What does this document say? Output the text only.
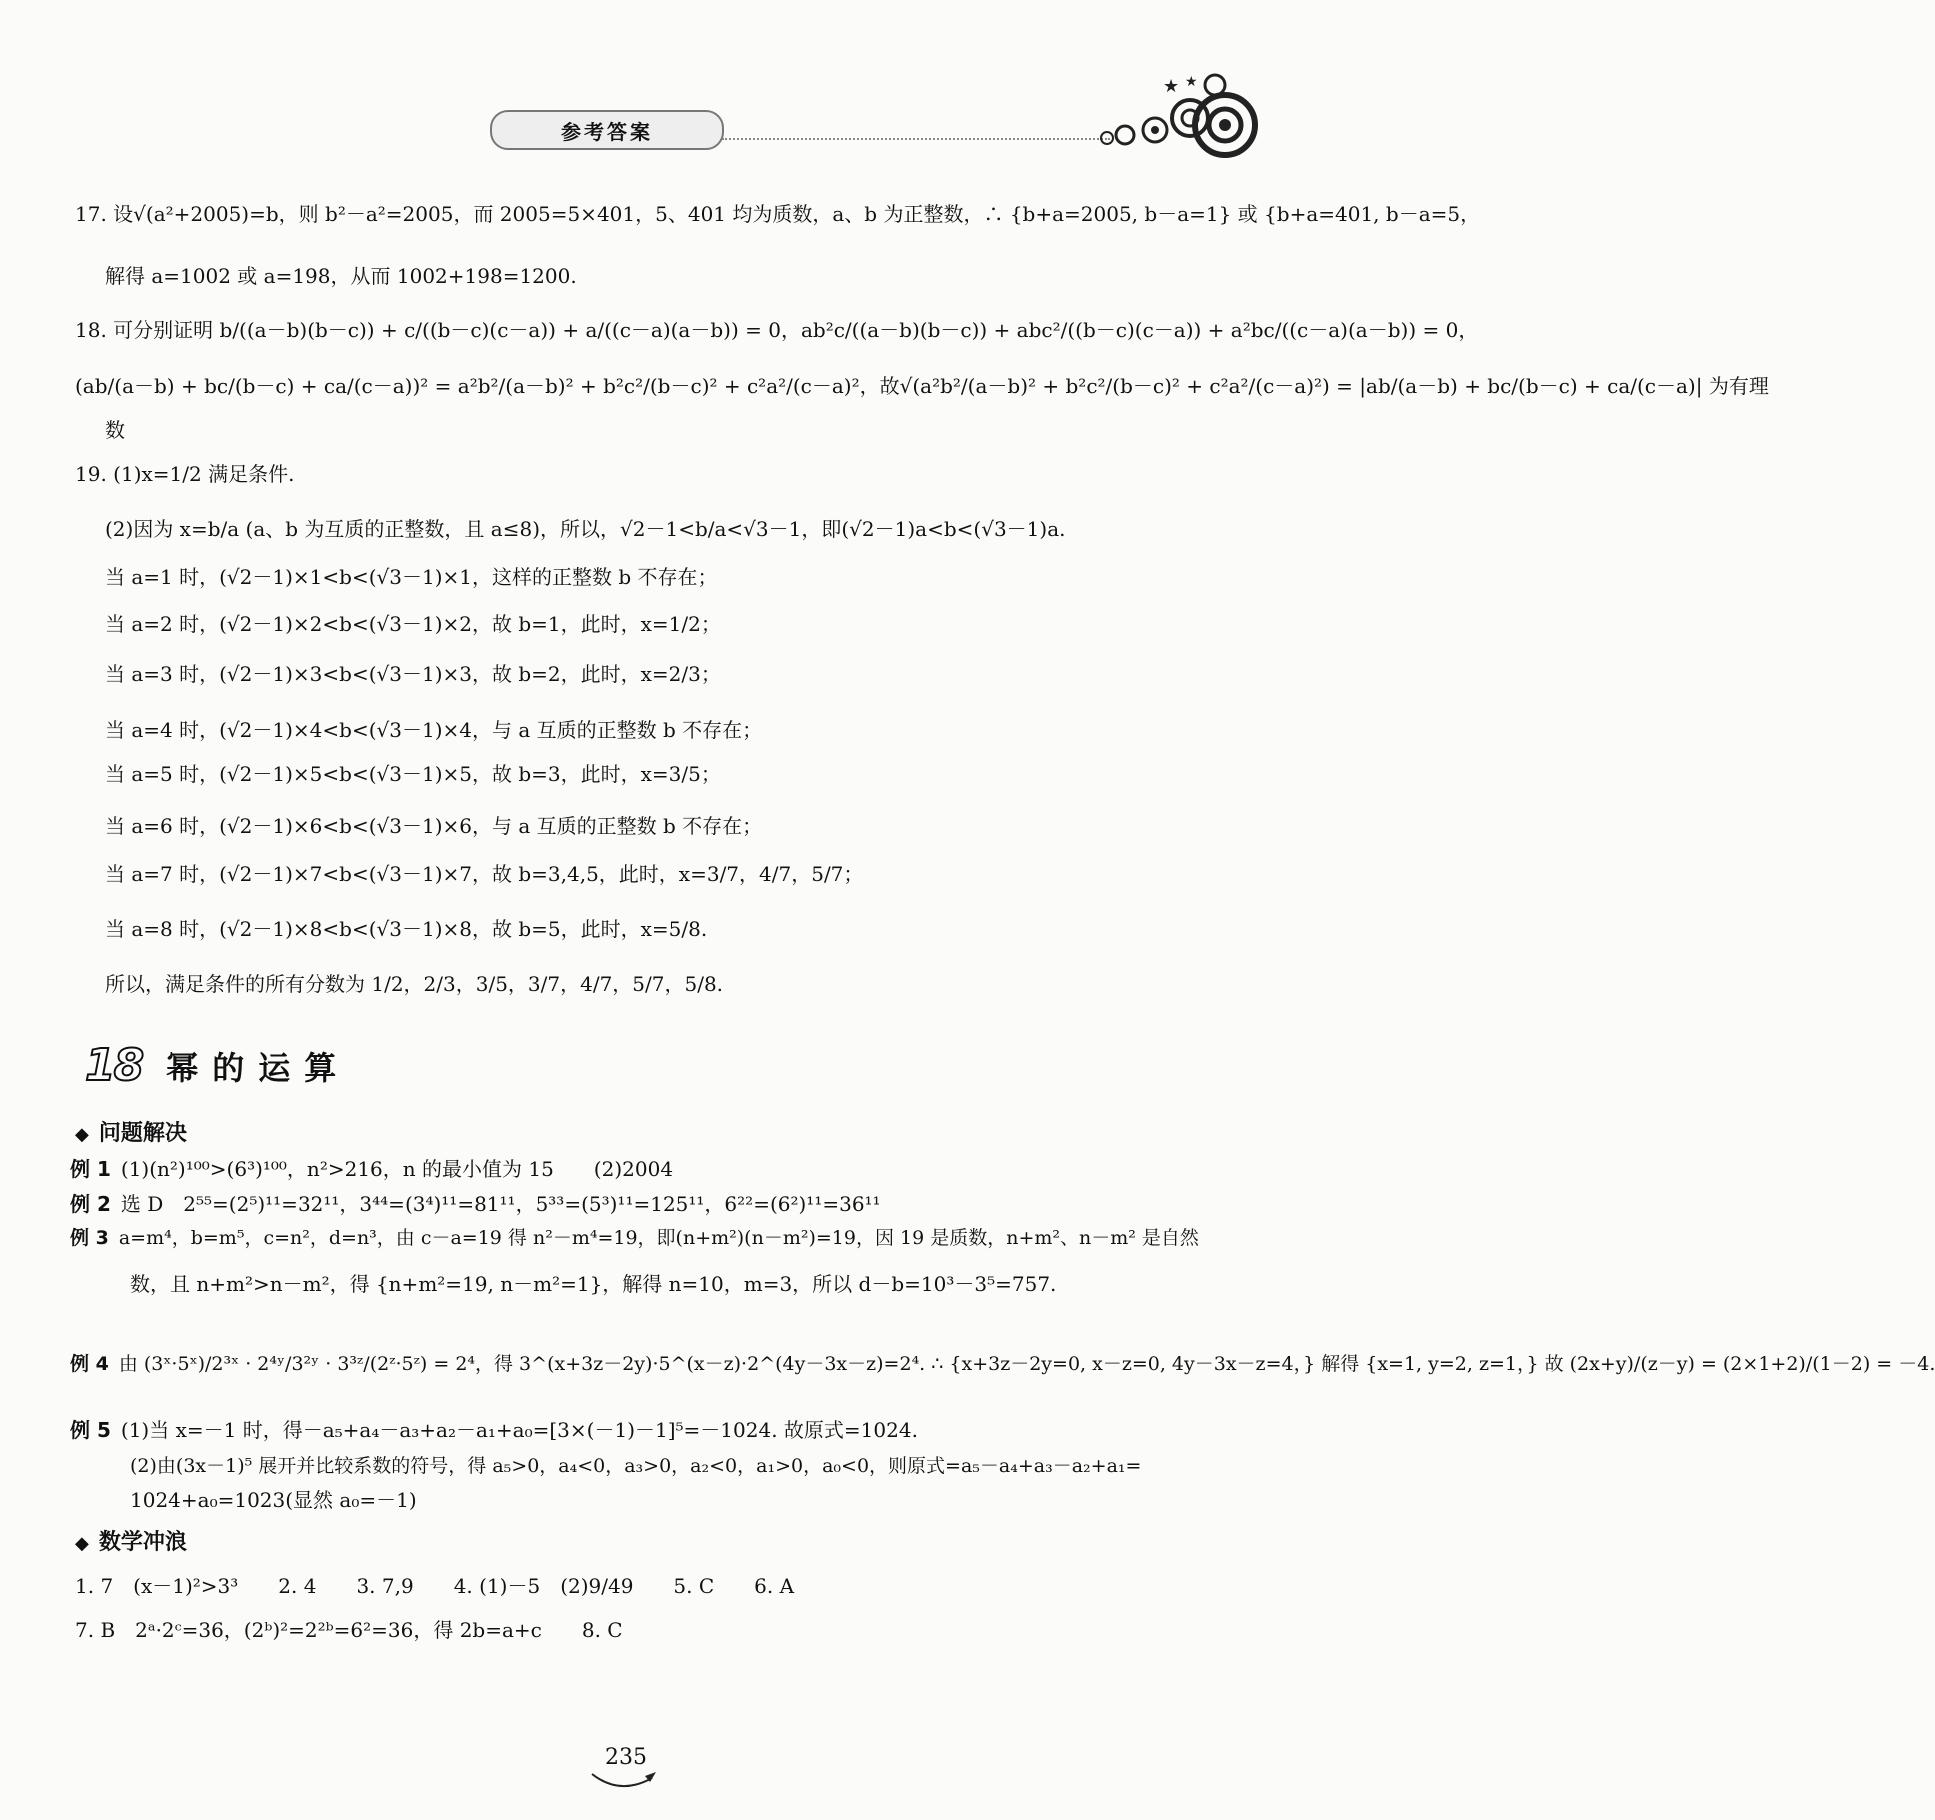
参考答案
★ ★
17. 设√(a²+2005)=b，则 b²－a²=2005，而 2005=5×401，5、401 均为质数，a、b 为正整数，∴ {b+a=2005, b－a=1} 或 {b+a=401, b－a=5，
解得 a=1002 或 a=198，从而 1002+198=1200.
18. 可分别证明 b/((a－b)(b－c)) + c/((b－c)(c－a)) + a/((c－a)(a－b)) = 0，ab²c/((a－b)(b－c)) + abc²/((b－c)(c－a)) + a²bc/((c－a)(a－b)) = 0，
(ab/(a－b) + bc/(b－c) + ca/(c－a))² = a²b²/(a－b)² + b²c²/(b－c)² + c²a²/(c－a)²，故√(a²b²/(a－b)² + b²c²/(b－c)² + c²a²/(c－a)²) = |ab/(a－b) + bc/(b－c) + ca/(c－a)| 为有理
数
19. (1)x=1/2 满足条件.
(2)因为 x=b/a (a、b 为互质的正整数，且 a≤8)，所以，√2－1<b/a<√3－1，即(√2－1)a<b<(√3－1)a.
当 a=1 时，(√2－1)×1<b<(√3－1)×1，这样的正整数 b 不存在；
当 a=2 时，(√2－1)×2<b<(√3－1)×2，故 b=1，此时，x=1/2；
当 a=3 时，(√2－1)×3<b<(√3－1)×3，故 b=2，此时，x=2/3；
当 a=4 时，(√2－1)×4<b<(√3－1)×4，与 a 互质的正整数 b 不存在；
当 a=5 时，(√2－1)×5<b<(√3－1)×5，故 b=3，此时，x=3/5；
当 a=6 时，(√2－1)×6<b<(√3－1)×6，与 a 互质的正整数 b 不存在；
当 a=7 时，(√2－1)×7<b<(√3－1)×7，故 b=3,4,5，此时，x=3/7，4/7，5/7；
当 a=8 时，(√2－1)×8<b<(√3－1)×8，故 b=5，此时，x=5/8.
所以，满足条件的所有分数为 1/2，2/3，3/5，3/7，4/7，5/7，5/8.
18 幂的运算
◆ 问题解决
例 1 (1)(n²)¹⁰⁰>(6³)¹⁰⁰，n²>216，n 的最小值为 15　　(2)2004
例 2 选 D　2⁵⁵=(2⁵)¹¹=32¹¹，3⁴⁴=(3⁴)¹¹=81¹¹，5³³=(5³)¹¹=125¹¹，6²²=(6²)¹¹=36¹¹
例 3 a=m⁴，b=m⁵，c=n²，d=n³，由 c－a=19 得 n²－m⁴=19，即(n+m²)(n－m²)=19，因 19 是质数，n+m²、n－m² 是自然
数，且 n+m²>n－m²，得 {n+m²=19, n－m²=1}，解得 n=10，m=3，所以 d－b=10³－3⁵=757.
例 4 由 (3ˣ·5ˣ)/2³ˣ · 2⁴ʸ/3²ʸ · 3³ᶻ/(2ᶻ·5ᶻ) = 2⁴，得 3^(x+3z－2y)·5^(x－z)·2^(4y－3x－z)=2⁴. ∴ {x+3z－2y=0, x－z=0, 4y－3x－z=4，} 解得 {x=1, y=2, z=1，} 故 (2x+y)/(z－y) = (2×1+2)/(1－2) = －4.
例 5 (1)当 x=－1 时，得－a₅+a₄－a₃+a₂－a₁+a₀=[3×(－1)－1]⁵=－1024. 故原式=1024.
(2)由(3x－1)⁵ 展开并比较系数的符号，得 a₅>0，a₄<0，a₃>0，a₂<0，a₁>0，a₀<0，则原式=a₅－a₄+a₃－a₂+a₁=
1024+a₀=1023(显然 a₀=－1)
◆ 数学冲浪
1. 7　(x－1)²>3³　　2. 4　　3. 7,9　　4. (1)－5　(2)9/49　　5. C　　6. A
7. B　2ᵃ·2ᶜ=36，(2ᵇ)²=2²ᵇ=6²=36，得 2b=a+c　　8. C
235
